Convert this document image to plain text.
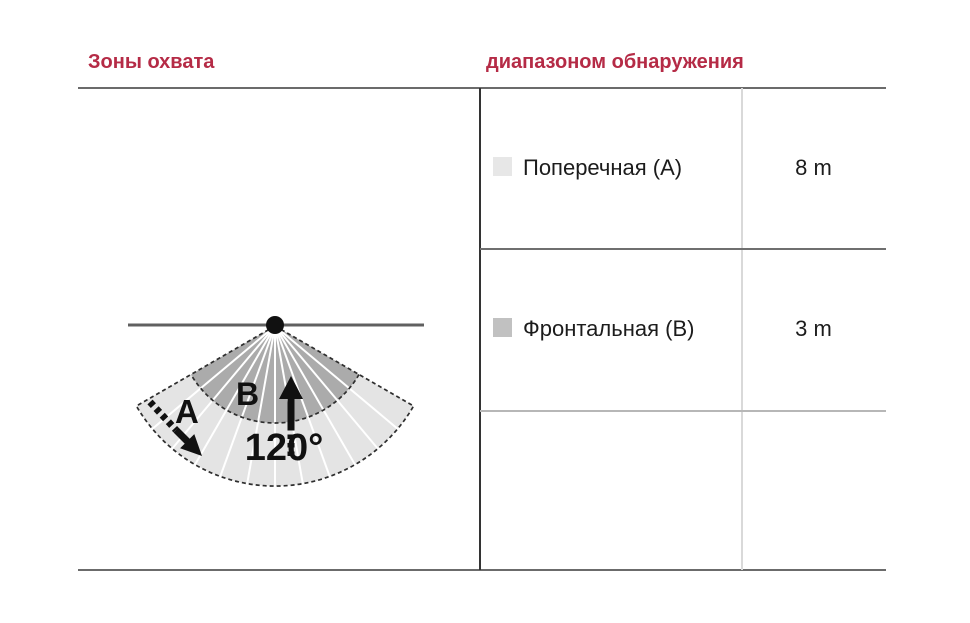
Зоны охвата	диапазоном обнаружения
Поперечная (A)	8 m
Фронтальная (B)	3 m
A B
120°
